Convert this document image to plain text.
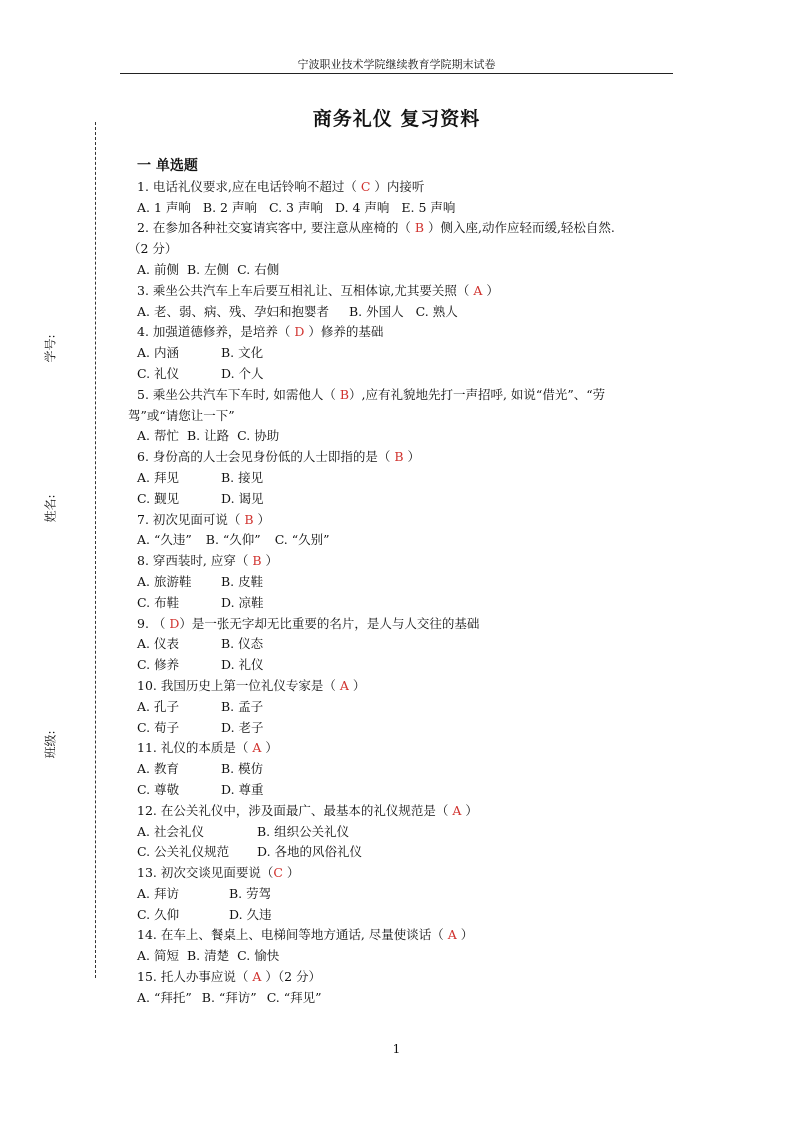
宁波职业技术学院继续教育学院期末试卷
商务礼仪 复习资料
学号:
姓名:
班级:
一 单选题
1. 电话礼仪要求,应在电话铃响不超过（ C ）内接听
A. 1 声响 B. 2 声响 C. 3 声响 D. 4 声响 E. 5 声响
2. 在参加各种社交宴请宾客中, 要注意从座椅的（ B ）侧入座,动作应轻而缓,轻松自然.
（2 分）
A. 前侧 B. 左侧 C. 右侧
3. 乘坐公共汽车上车后要互相礼让、互相体谅,尤其要关照（ A ）
A. 老、弱、病、残、孕妇和抱婴者 B. 外国人 C. 熟人
4. 加强道德修养，是培养（ D ）修养的基础
A. 内涵	B. 文化
C. 礼仪	D. 个人
5. 乘坐公共汽车下车时, 如需他人（ B）,应有礼貌地先打一声招呼, 如说“借光”、“劳
驾”或“请您让一下”
A. 帮忙 B. 让路 C. 协助
6. 身份高的人士会见身份低的人士即指的是（ B ）
A. 拜见	B. 接见
C. 觐见	D. 谒见
7. 初次见面可说（ B ）
A. “久违” B. “久仰” C. “久别”
8. 穿西装时, 应穿（ B ）
A. 旅游鞋 B. 皮鞋
C. 布鞋	D. 凉鞋
9. （ D）是一张无字却无比重要的名片，是人与人交往的基础
A. 仪表	B. 仪态
C. 修养	D. 礼仪
10. 我国历史上第一位礼仪专家是（ A ）
A. 孔子	B. 孟子
C. 荀子	D. 老子
11. 礼仪的本质是（ A ）
A. 教育	B. 模仿
C. 尊敬	D. 尊重
12. 在公关礼仪中，涉及面最广、最基本的礼仪规范是（ A ）
A. 社会礼仪	B. 组织公关礼仪
C. 公关礼仪规范 D. 各地的风俗礼仪
13. 初次交谈见面要说（C ）
A. 拜访	B. 劳驾
C. 久仰	D. 久违
14. 在车上、餐桌上、电梯间等地方通话, 尽量使谈话（ A ）
A. 简短 B. 清楚 C. 愉快
15. 托人办事应说（ A ）（2 分）
A. “拜托” B. “拜访” C. “拜见”
1
